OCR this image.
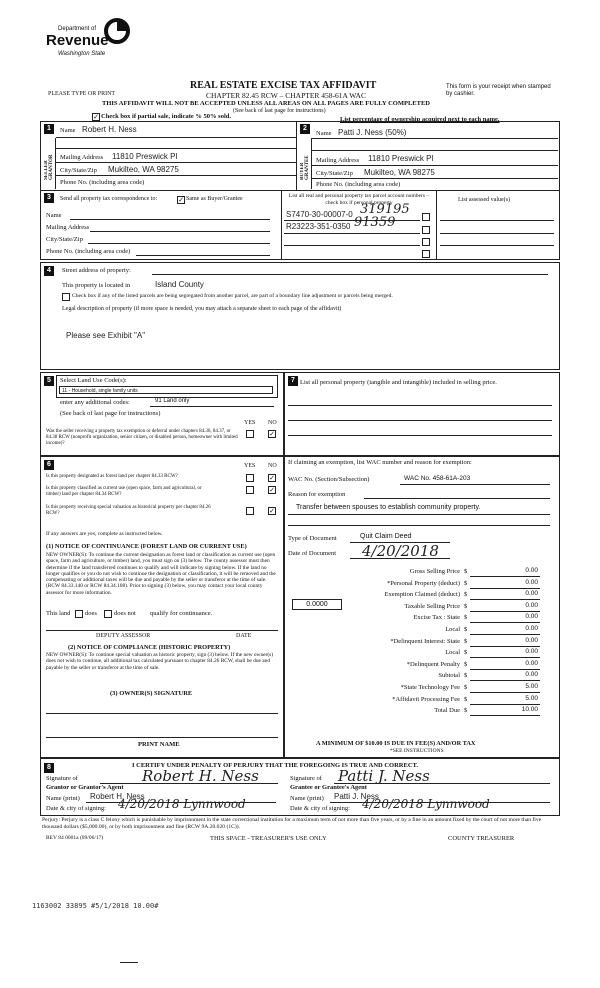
Department of
Revenue
Washington State
PLEASE TYPE OR PRINT
REAL ESTATE EXCISE TAX AFFIDAVIT
CHAPTER 82.45 RCW – CHAPTER 458-61A WAC
This form is your receipt when stamped by cashier.
THIS AFFIDAVIT WILL NOT BE ACCEPTED UNLESS ALL AREAS ON ALL PAGES ARE FULLY COMPLETED
(See back of last page for instructions)
✓ Check box if partial sale, indicate % 50% sold.	List percentage of ownership acquired next to each name.
1	2
SELLER GRANTOR	BUYER GRANTEE
Name Robert H. Ness
Mailing Address 11810 Preswick Pl
City/State/Zip Mukilteo, WA 98275
Phone No. (including area code)
Name Patti J. Ness (50%)
Mailing Address 11810 Preswick Pl
City/State/Zip Mukilteo, WA 98275
Phone No. (including area code)
3	Send all property tax correspondence to:	✓ Same as Buyer/Grantee
Name
Mailing Address
City/State/Zip
Phone No. (including area code)
List all real and personal property tax parcel account numbers – check box if personal property	List assessed value(s)
S7470-30-00007-0 319195
R23223-351-0350 91359
4	Street address of property:
This property is located in	Island County
Check box if any of the listed parcels are being segregated from another parcel, are part of a boundary line adjustment or parcels being merged.
Legal description of property (if more space is needed, you may attach a separate sheet to each page of the affidavit)
Please see Exhibit "A"
5	Select Land Use Code(s):
11 - Household, single family units
enter any additional codes:	91 Land only
(See back of last page for instructions)
YES NO
Was the seller receiving a property tax exemption or deferral under chapters 84.36, 84.37, or 84.38 RCW (nonprofit organization, senior citizen, or disabled person, homeowner with limited income)?
✓
7 List all personal property (tangible and intangible) included in selling price.
6	YES NO
Is this property designated as forest land per chapter 84.33 RCW?	✓
Is this property classified as current use (open space, farm and agricultural, or timber) land per chapter 84.34 RCW?
✓
Is this property receiving special valuation as historical property per chapter 84.26 RCW?	✓
If any answers are yes, complete as instructed below.
(1) NOTICE OF CONTINUANCE (FOREST LAND OR CURRENT USE)
NEW OWNER(S): To continue the current designation as forest land or classification as current use (open space, farm and agriculture, or timber) land, you must sign on (3) below. The county assessor must then determine if the land transferred continues to qualify and will indicate by signing below. If the land no longer qualifies or you do not wish to continue the designation or classification, it will be removed and the compensating or additional taxes will be due and payable by the seller or transferor at the time of sale. (RCW 84.33.140 or RCW 84.34.108). Prior to signing (3) below, you may contact your local county assessor for more information.
This land does	does not qualify for continuance.
DEPUTY ASSESSOR	DATE
(2) NOTICE OF COMPLIANCE (HISTORIC PROPERTY)
NEW OWNER(S): To continue special valuation as historic property, sign (3) below. If the new owner(s) does not wish to continue, all additional tax calculated pursuant to chapter 84.26 RCW, shall be due and payable by the seller or transferor at the time of sale.
(3) OWNER(S) SIGNATURE
PRINT NAME
If claiming an exemption, list WAC number and reason for exemption:
WAC No. (Section/Subsection)	WAC No. 458-61A-203
Reason for exemption
Transfer between spouses to establish community property.
Type of Document	Quit Claim Deed
Date of Document 4/20/2018
Gross Selling Price $	0.00
*Personal Property (deduct) $	0.00
Exemption Claimed (deduct) $	0.00
Taxable Selling Price $	0.00
Excise Tax : State $	0.00
Local $	0.00
*Delinquent Interest: State $	0.00
Local $	0.00
*Delinquent Penalty $	0.00
Subtotal $	0.00
*State Technology Fee $	5.00
*Affidavit Processing Fee $	5.00
Total Due $	10.00
0.0000
A MINIMUM OF $10.00 IS DUE IN FEE(S) AND/OR TAX
*SEE INSTRUCTIONS
8	I CERTIFY UNDER PENALTY OF PERJURY THAT THE FOREGOING IS TRUE AND CORRECT.
Signature of	Robert H. Ness
Grantor or Grantor's Agent
Name (print) Robert H. Ness
Date & city of signing: 4/20/2018 Lynnwood
Signature of Patti J. Ness
Grantee or Grantee's Agent
Name (print) Patti J. Ness
Date & city of signing: 4/20/2018 Lynnwood
Perjury: Perjury is a class C felony which is punishable by imprisonment in the state correctional institution for a maximum term of not more than five years, or by a fine in an amount fixed by the court of not more than five thousand dollars ($5,000.00), or by both imprisonment and fine (RCW 9A.20.020 (1C)).
REV 84 0001a (09/06/17)	THIS SPACE - TREASURER'S USE ONLY	COUNTY TREASURER
1163002 33895 #5/1/2018 10.00#
